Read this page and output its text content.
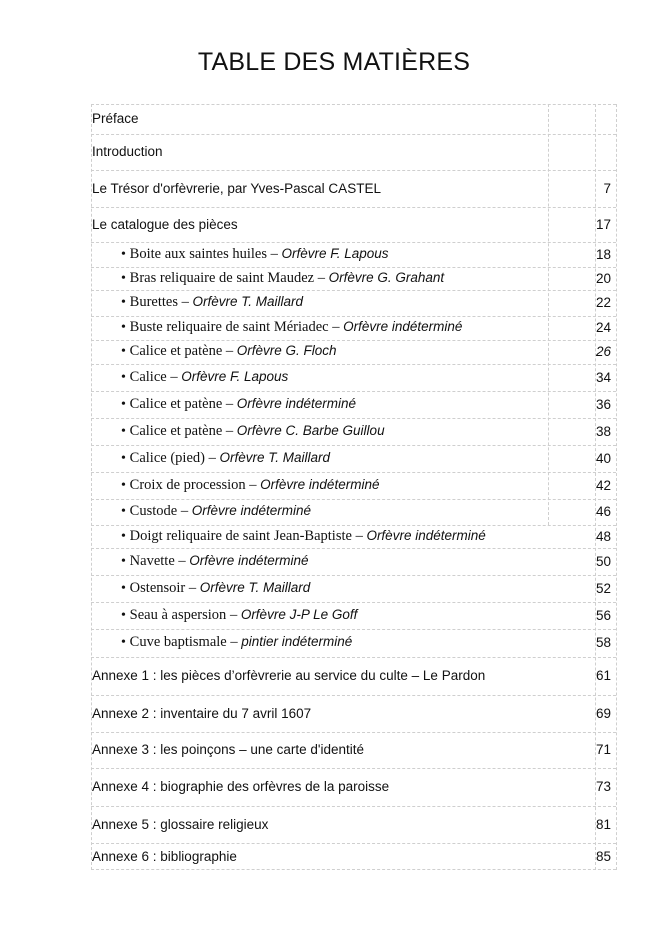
TABLE DES MATIÈRES
Préface
Introduction
Le Trésor d'orfèvrerie, par Yves-Pascal CASTEL	7
Le catalogue des pièces	17
• Boite aux saintes huiles – Orfèvre F. Lapous	18
• Bras reliquaire de saint Maudez – Orfèvre G. Grahant	20
• Burettes – Orfèvre T. Maillard	22
• Buste reliquaire de saint Mériadec – Orfèvre indéterminé	24
• Calice et patène – Orfèvre G. Floch	26
• Calice – Orfèvre F. Lapous	34
• Calice et patène – Orfèvre indéterminé	36
• Calice et patène – Orfèvre C. Barbe Guillou	38
• Calice (pied) – Orfèvre T. Maillard	40
• Croix de procession – Orfèvre indéterminé	42
• Custode – Orfèvre indéterminé	46
• Doigt reliquaire de saint Jean-Baptiste – Orfèvre indéterminé	48
• Navette – Orfèvre indéterminé	50
• Ostensoir – Orfèvre T. Maillard	52
• Seau à aspersion – Orfèvre J-P Le Goff	56
• Cuve baptismale – pintier indéterminé	58
Annexe 1 : les pièces d’orfèvrerie au service du culte – Le Pardon	61
Annexe 2 : inventaire du 7 avril 1607	69
Annexe 3 : les poinçons – une carte d'identité	71
Annexe 4 : biographie des orfèvres de la paroisse	73
Annexe 5 : glossaire religieux	81
Annexe 6 : bibliographie	85
